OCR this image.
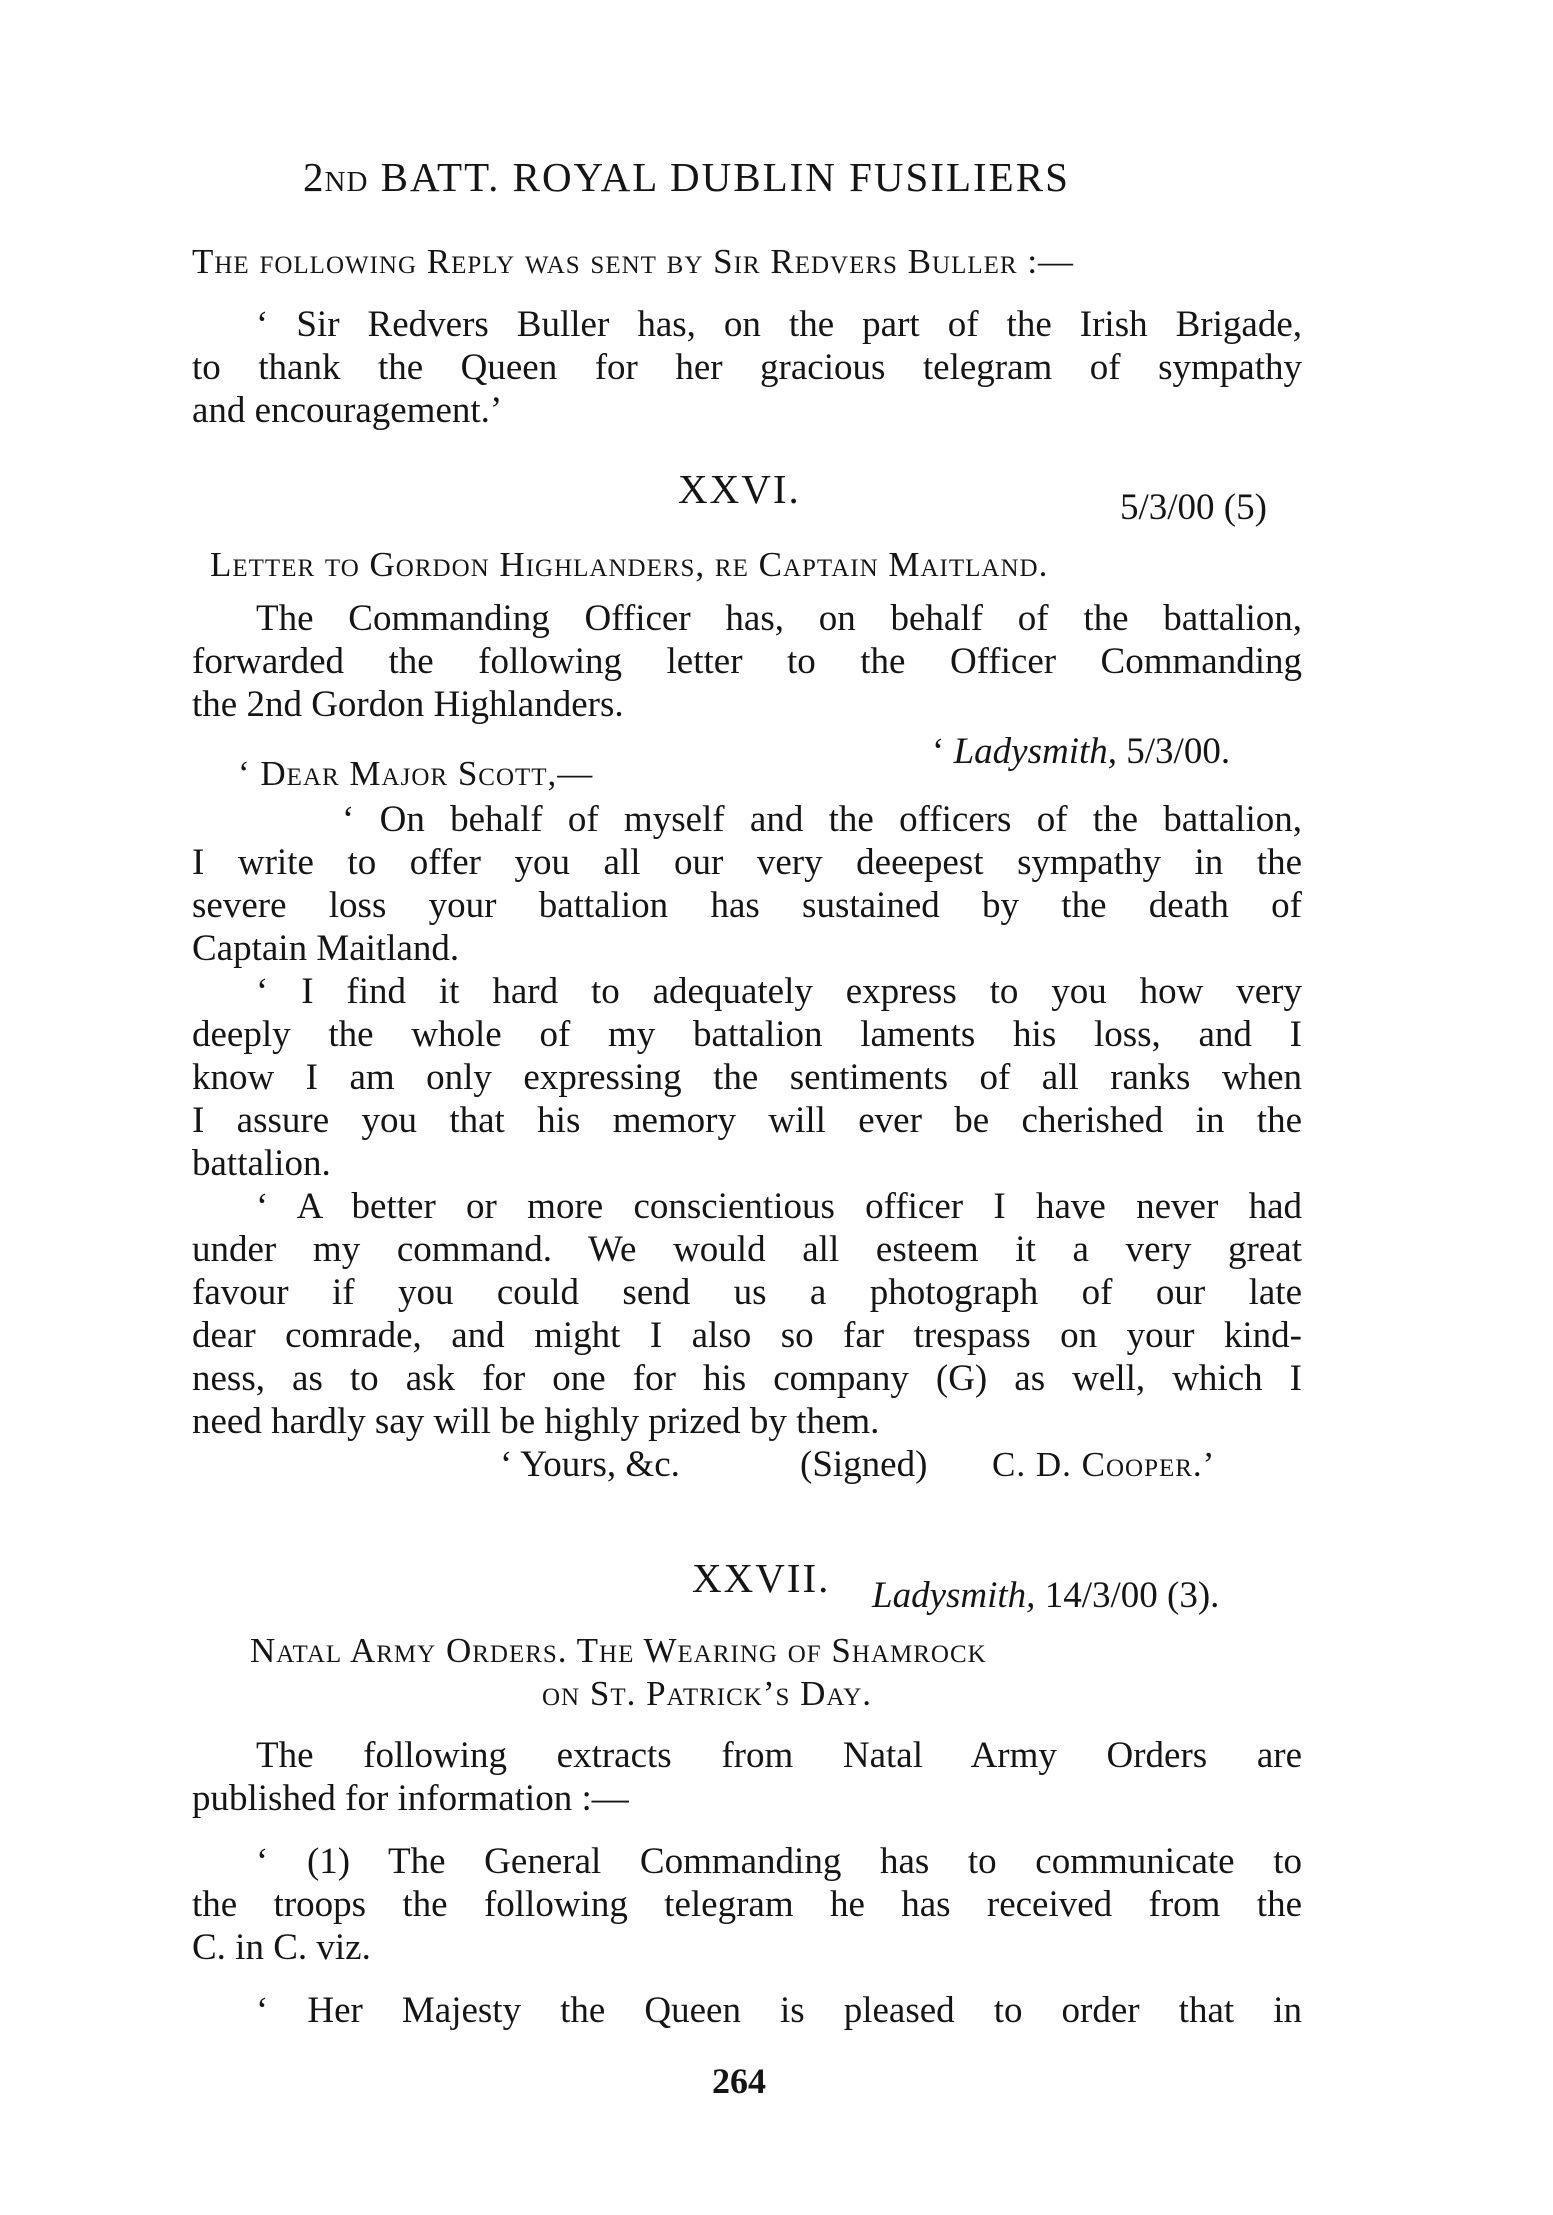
2nd BATT. ROYAL DUBLIN FUSILIERS
The following Reply was sent by Sir Redvers Buller :—
‘ Sir Redvers Buller has, on the part of the Irish Brigade,
to thank the Queen for her gracious telegram of sympathy
and encouragement.’
XXVI.	5/3/00 (5)
Letter to Gordon Highlanders, re Captain Maitland.
The Commanding Officer has, on behalf of the battalion,
forwarded the following letter to the Officer Commanding
the 2nd Gordon Highlanders.
‘ Ladysmith, 5/3/00.
‘ Dear Major Scott,—
‘ On behalf of myself and the officers of the battalion,
I write to offer you all our very deeepest sympathy in the
severe loss your battalion has sustained by the death of
Captain Maitland.
‘ I find it hard to adequately express to you how very
deeply the whole of my battalion laments his loss, and I
know I am only expressing the sentiments of all ranks when
I assure you that his memory will ever be cherished in the
battalion.
‘ A better or more conscientious officer I have never had
under my command. We would all esteem it a very great
favour if you could send us a photograph of our late
dear comrade, and might I also so far trespass on your kind-
ness, as to ask for one for his company (G) as well, which I
need hardly say will be highly prized by them.
‘ Yours, &c.	(Signed) C. D. Cooper.’
XXVII. Ladysmith, 14/3/00 (3).
Natal Army Orders. The Wearing of Shamrock
on St. Patrick’s Day.
The following extracts from Natal Army Orders are
published for information :—
‘ (1) The General Commanding has to communicate to
the troops the following telegram he has received from the
C. in C. viz.
‘ Her Majesty the Queen is pleased to order that in
264
